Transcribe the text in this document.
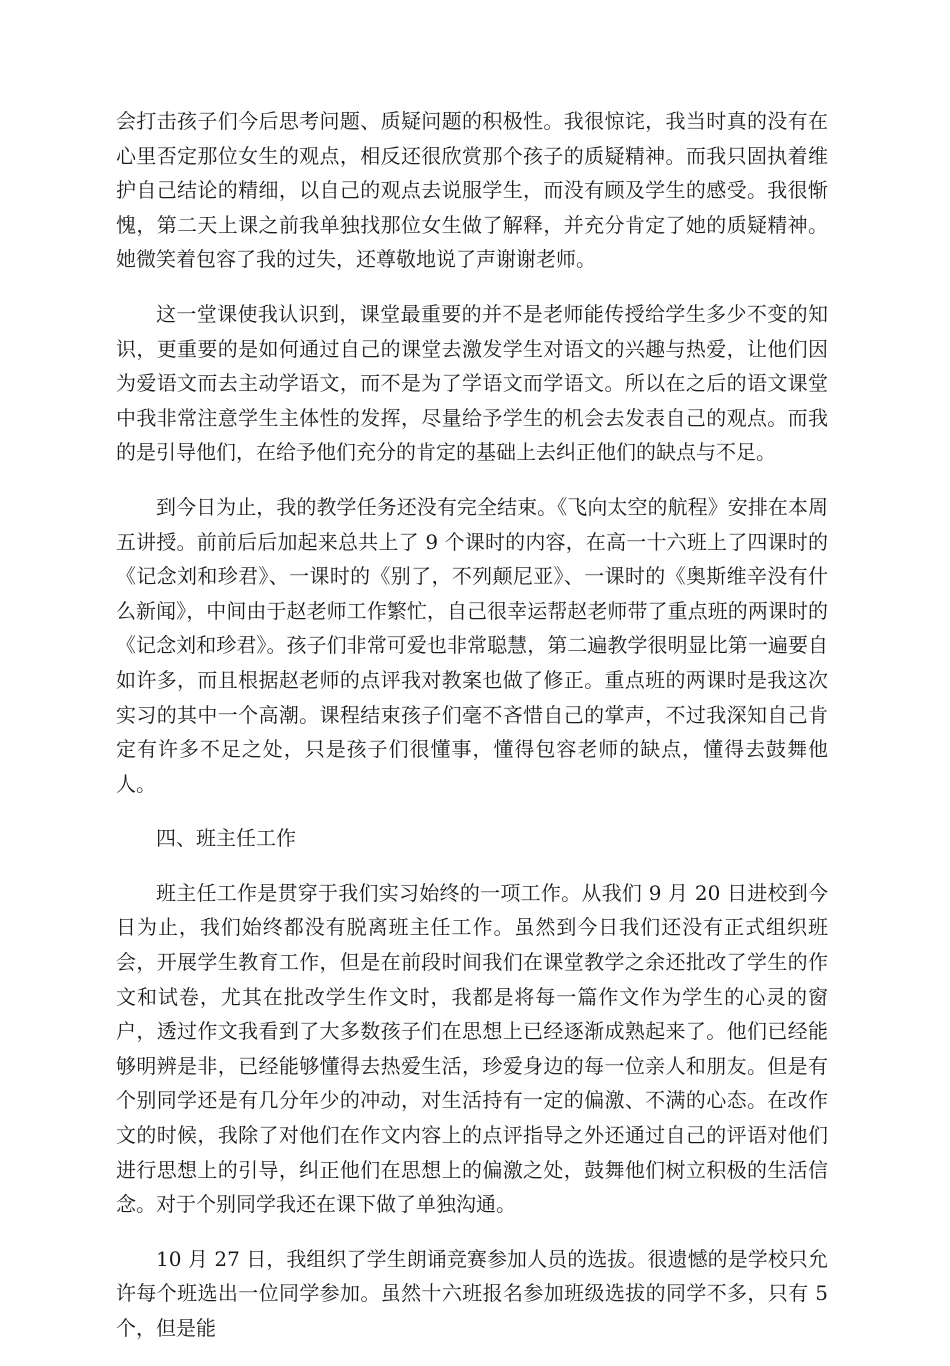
会打击孩子们今后思考问题、质疑问题的积极性。我很惊诧，我当时真的没有在心里否定那位女生的观点，相反还很欣赏那个孩子的质疑精神。而我只固执着维护自己结论的精细，以自己的观点去说服学生，而没有顾及学生的感受。我很惭愧，第二天上课之前我单独找那位女生做了解释，并充分肯定了她的质疑精神。她微笑着包容了我的过失，还尊敬地说了声谢谢老师。

这一堂课使我认识到，课堂最重要的并不是老师能传授给学生多少不变的知识，更重要的是如何通过自己的课堂去激发学生对语文的兴趣与热爱，让他们因为爱语文而去主动学语文，而不是为了学语文而学语文。所以在之后的语文课堂中我非常注意学生主体性的发挥，尽量给予学生的机会去发表自己的观点。而我的是引导他们，在给予他们充分的肯定的基础上去纠正他们的缺点与不足。

到今日为止，我的教学任务还没有完全结束。《飞向太空的航程》安排在本周五讲授。前前后后加起来总共上了 9 个课时的内容，在高一十六班上了四课时的《记念刘和珍君》、一课时的《别了，不列颠尼亚》、一课时的《奥斯维辛没有什么新闻》，中间由于赵老师工作繁忙，自己很幸运帮赵老师带了重点班的两课时的《记念刘和珍君》。孩子们非常可爱也非常聪慧，第二遍教学很明显比第一遍要自如许多，而且根据赵老师的点评我对教案也做了修正。重点班的两课时是我这次实习的其中一个高潮。课程结束孩子们毫不吝惜自己的掌声，不过我深知自己肯定有许多不足之处，只是孩子们很懂事，懂得包容老师的缺点，懂得去鼓舞他人。

四、班主任工作

班主任工作是贯穿于我们实习始终的一项工作。从我们 9 月 20 日进校到今日为止，我们始终都没有脱离班主任工作。虽然到今日我们还没有正式组织班会，开展学生教育工作，但是在前段时间我们在课堂教学之余还批改了学生的作文和试卷，尤其在批改学生作文时，我都是将每一篇作文作为学生的心灵的窗户，透过作文我看到了大多数孩子们在思想上已经逐渐成熟起来了。他们已经能够明辨是非，已经能够懂得去热爱生活，珍爱身边的每一位亲人和朋友。但是有个别同学还是有几分年少的冲动，对生活持有一定的偏激、不满的心态。在改作文的时候，我除了对他们在作文内容上的点评指导之外还通过自己的评语对他们进行思想上的引导，纠正他们在思想上的偏激之处，鼓舞他们树立积极的生活信念。对于个别同学我还在课下做了单独沟通。

10 月 27 日，我组织了学生朗诵竞赛参加人员的选拔。很遗憾的是学校只允许每个班选出一位同学参加。虽然十六班报名参加班级选拔的同学不多，只有 5 个，但是能
